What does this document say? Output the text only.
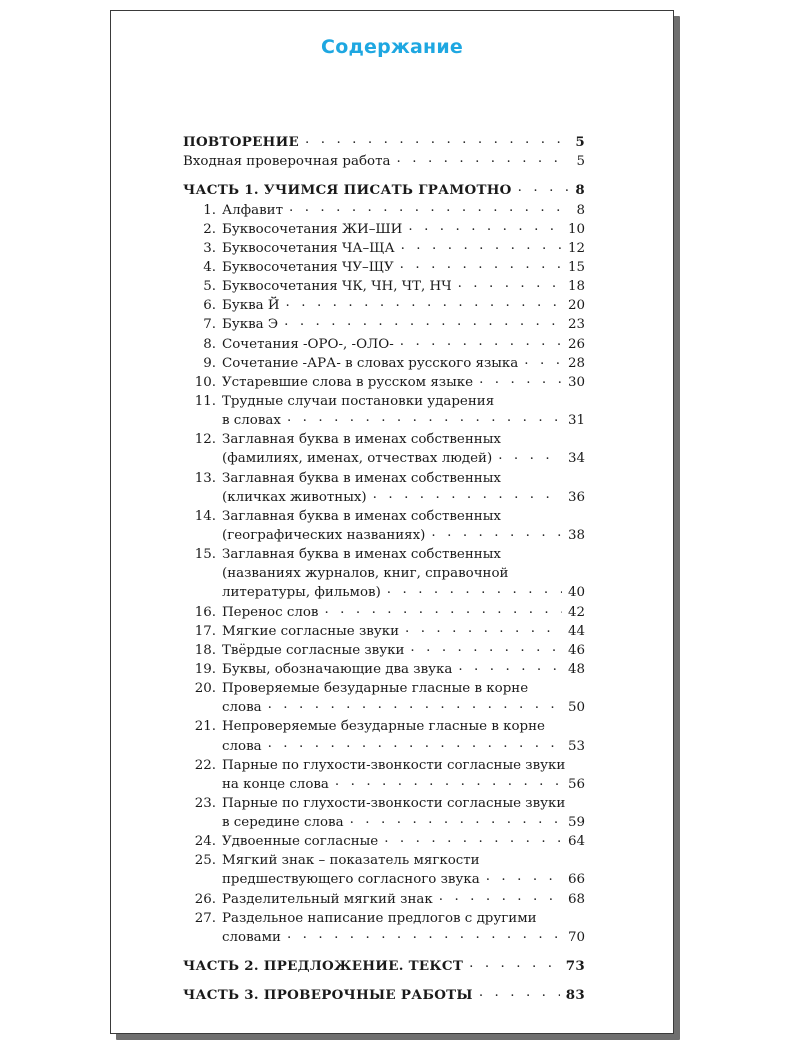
Содержание
ПОВТОРЕНИЕ . . .	5
Входная проверочная работа . . .	5
ЧАСТЬ 1. УЧИМСЯ ПИСАТЬ ГРАМОТНО . . .	8
1. Алфавит . . .	8
2. Буквосочетания ЖИ–ШИ . . .	10
3. Буквосочетания ЧА–ЩА . . .	12
4. Буквосочетания ЧУ–ЩУ . . .	15
5. Буквосочетания ЧК, ЧН, ЧТ, НЧ . . .	18
6. Буква Й . . .	20
7. Буква Э . . .	23
8. Сочетания -ОРО-, -ОЛО- . . .	26
9. Сочетание -АРА- в словах русского языка . . .	28
10. Устаревшие слова в русском языке . . .	30
11. Трудные случаи постановки ударения
в словах . . .	31
12. Заглавная буква в именах собственных
(фамилиях, именах, отчествах людей) . . .	34
13. Заглавная буква в именах собственных
(кличках животных) . . .	36
14. Заглавная буква в именах собственных
(географических названиях) . . .	38
15. Заглавная буква в именах собственных
(названиях журналов, книг, справочной
литературы, фильмов) . . .	40
16. Перенос слов . . .	42
17. Мягкие согласные звуки . . .	44
18. Твёрдые согласные звуки . . .	46
19. Буквы, обозначающие два звука . . .	48
20. Проверяемые безударные гласные в корне
слова . . .	50
21. Непроверяемые безударные гласные в корне
слова . . .	53
22. Парные по глухости-звонкости согласные звуки
на конце слова . . .	56
23. Парные по глухости-звонкости согласные звуки
в середине слова . . .	59
24. Удвоенные согласные . . .	64
25. Мягкий знак – показатель мягкости
предшествующего согласного звука . . .	66
26. Разделительный мягкий знак . . .	68
27. Раздельное написание предлогов с другими
словами . . .	70
ЧАСТЬ 2. ПРЕДЛОЖЕНИЕ. ТЕКСТ . . .	73
ЧАСТЬ 3. ПРОВЕРОЧНЫЕ РАБОТЫ . . .	83
